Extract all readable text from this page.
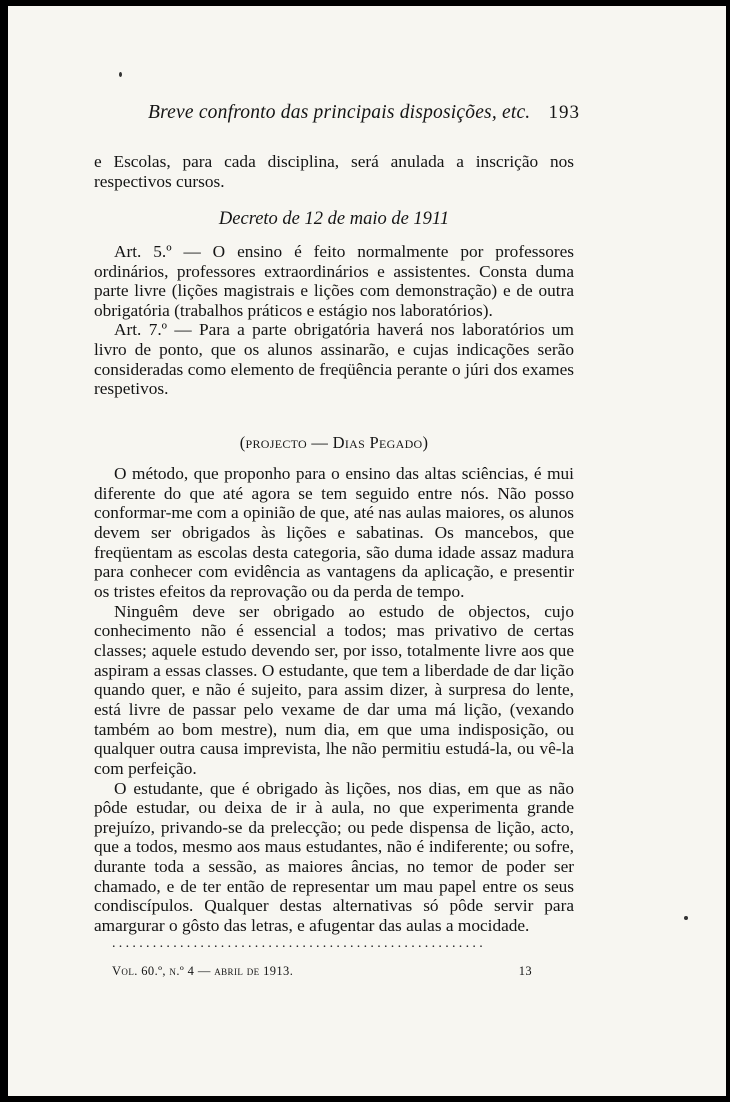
Breve confronto das principais disposições, etc. 193

e Escolas, para cada disciplina, será anulada a inscrição nos respectivos cursos.

Decreto de 12 de maio de 1911

Art. 5.º — O ensino é feito normalmente por professores ordinários, professores extraordinários e assistentes. Consta duma parte livre (lições magistrais e lições com demonstração) e de outra obrigatória (trabalhos práticos e estágio nos laboratórios).

Art. 7.º — Para a parte obrigatória haverá nos laboratórios um livro de ponto, que os alunos assinarão, e cujas indicações serão consideradas como elemento de freqüência perante o júri dos exames respetivos.

(projecto — Dias Pegado)

O método, que proponho para o ensino das altas sciências, é mui diferente do que até agora se tem seguido entre nós. Não posso conformar-me com a opinião de que, até nas aulas maiores, os alunos devem ser obrigados às lições e sabatinas. Os mancebos, que freqüentam as escolas desta categoria, são duma idade assaz madura para conhecer com evidência as vantagens da aplicação, e presentir os tristes efeitos da reprovação ou da perda de tempo.

Ninguêm deve ser obrigado ao estudo de objectos, cujo conhecimento não é essencial a todos; mas privativo de certas classes; aquele estudo devendo ser, por isso, totalmente livre aos que aspiram a essas classes. O estudante, que tem a liberdade de dar lição quando quer, e não é sujeito, para assim dizer, à surpresa do lente, está livre de passar pelo vexame de dar uma má lição, (vexando também ao bom mestre), num dia, em que uma indisposição, ou qualquer outra causa imprevista, lhe não permitiu estudá-la, ou vê-la com perfeição.

O estudante, que é obrigado às lições, nos dias, em que as não pôde estudar, ou deixa de ir à aula, no que experimenta grande prejuízo, privando-se da prelecção; ou pede dispensa de lição, acto, que a todos, mesmo aos maus estudantes, não é indiferente; ou sofre, durante toda a sessão, as maiores âncias, no temor de poder ser chamado, e de ter então de representar um mau papel entre os seus condiscípulos. Qualquer destas alternativas só pôde servir para amargurar o gôsto das letras, e afugentar das aulas a mocidade.

.......................................................
Vol. 60.º, n.º 4 — abril de 1913.	13
